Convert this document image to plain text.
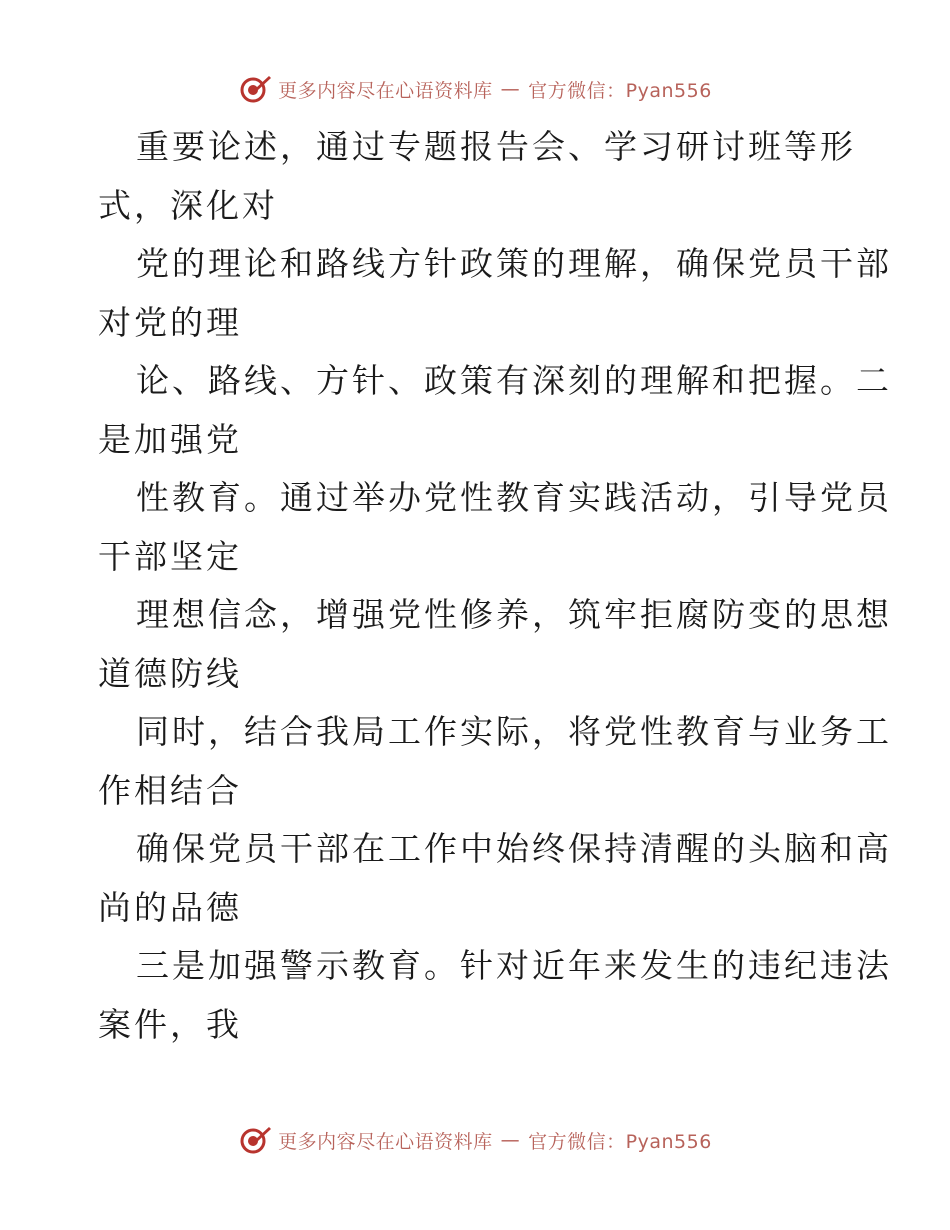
更多内容尽在心语资料库 — 官方微信：Pyan556
重要论述，通过专题报告会、学习研讨班等形
式，深化对
党的理论和路线方针政策的理解，确保党员干部
对党的理
论、路线、方针、政策有深刻的理解和把握。二
是加强党
性教育。通过举办党性教育实践活动，引导党员
干部坚定
理想信念，增强党性修养，筑牢拒腐防变的思想
道德防线
同时，结合我局工作实际，将党性教育与业务工
作相结合
确保党员干部在工作中始终保持清醒的头脑和高
尚的品德
三是加强警示教育。针对近年来发生的违纪违法
案件，我
更多内容尽在心语资料库 — 官方微信：Pyan556
